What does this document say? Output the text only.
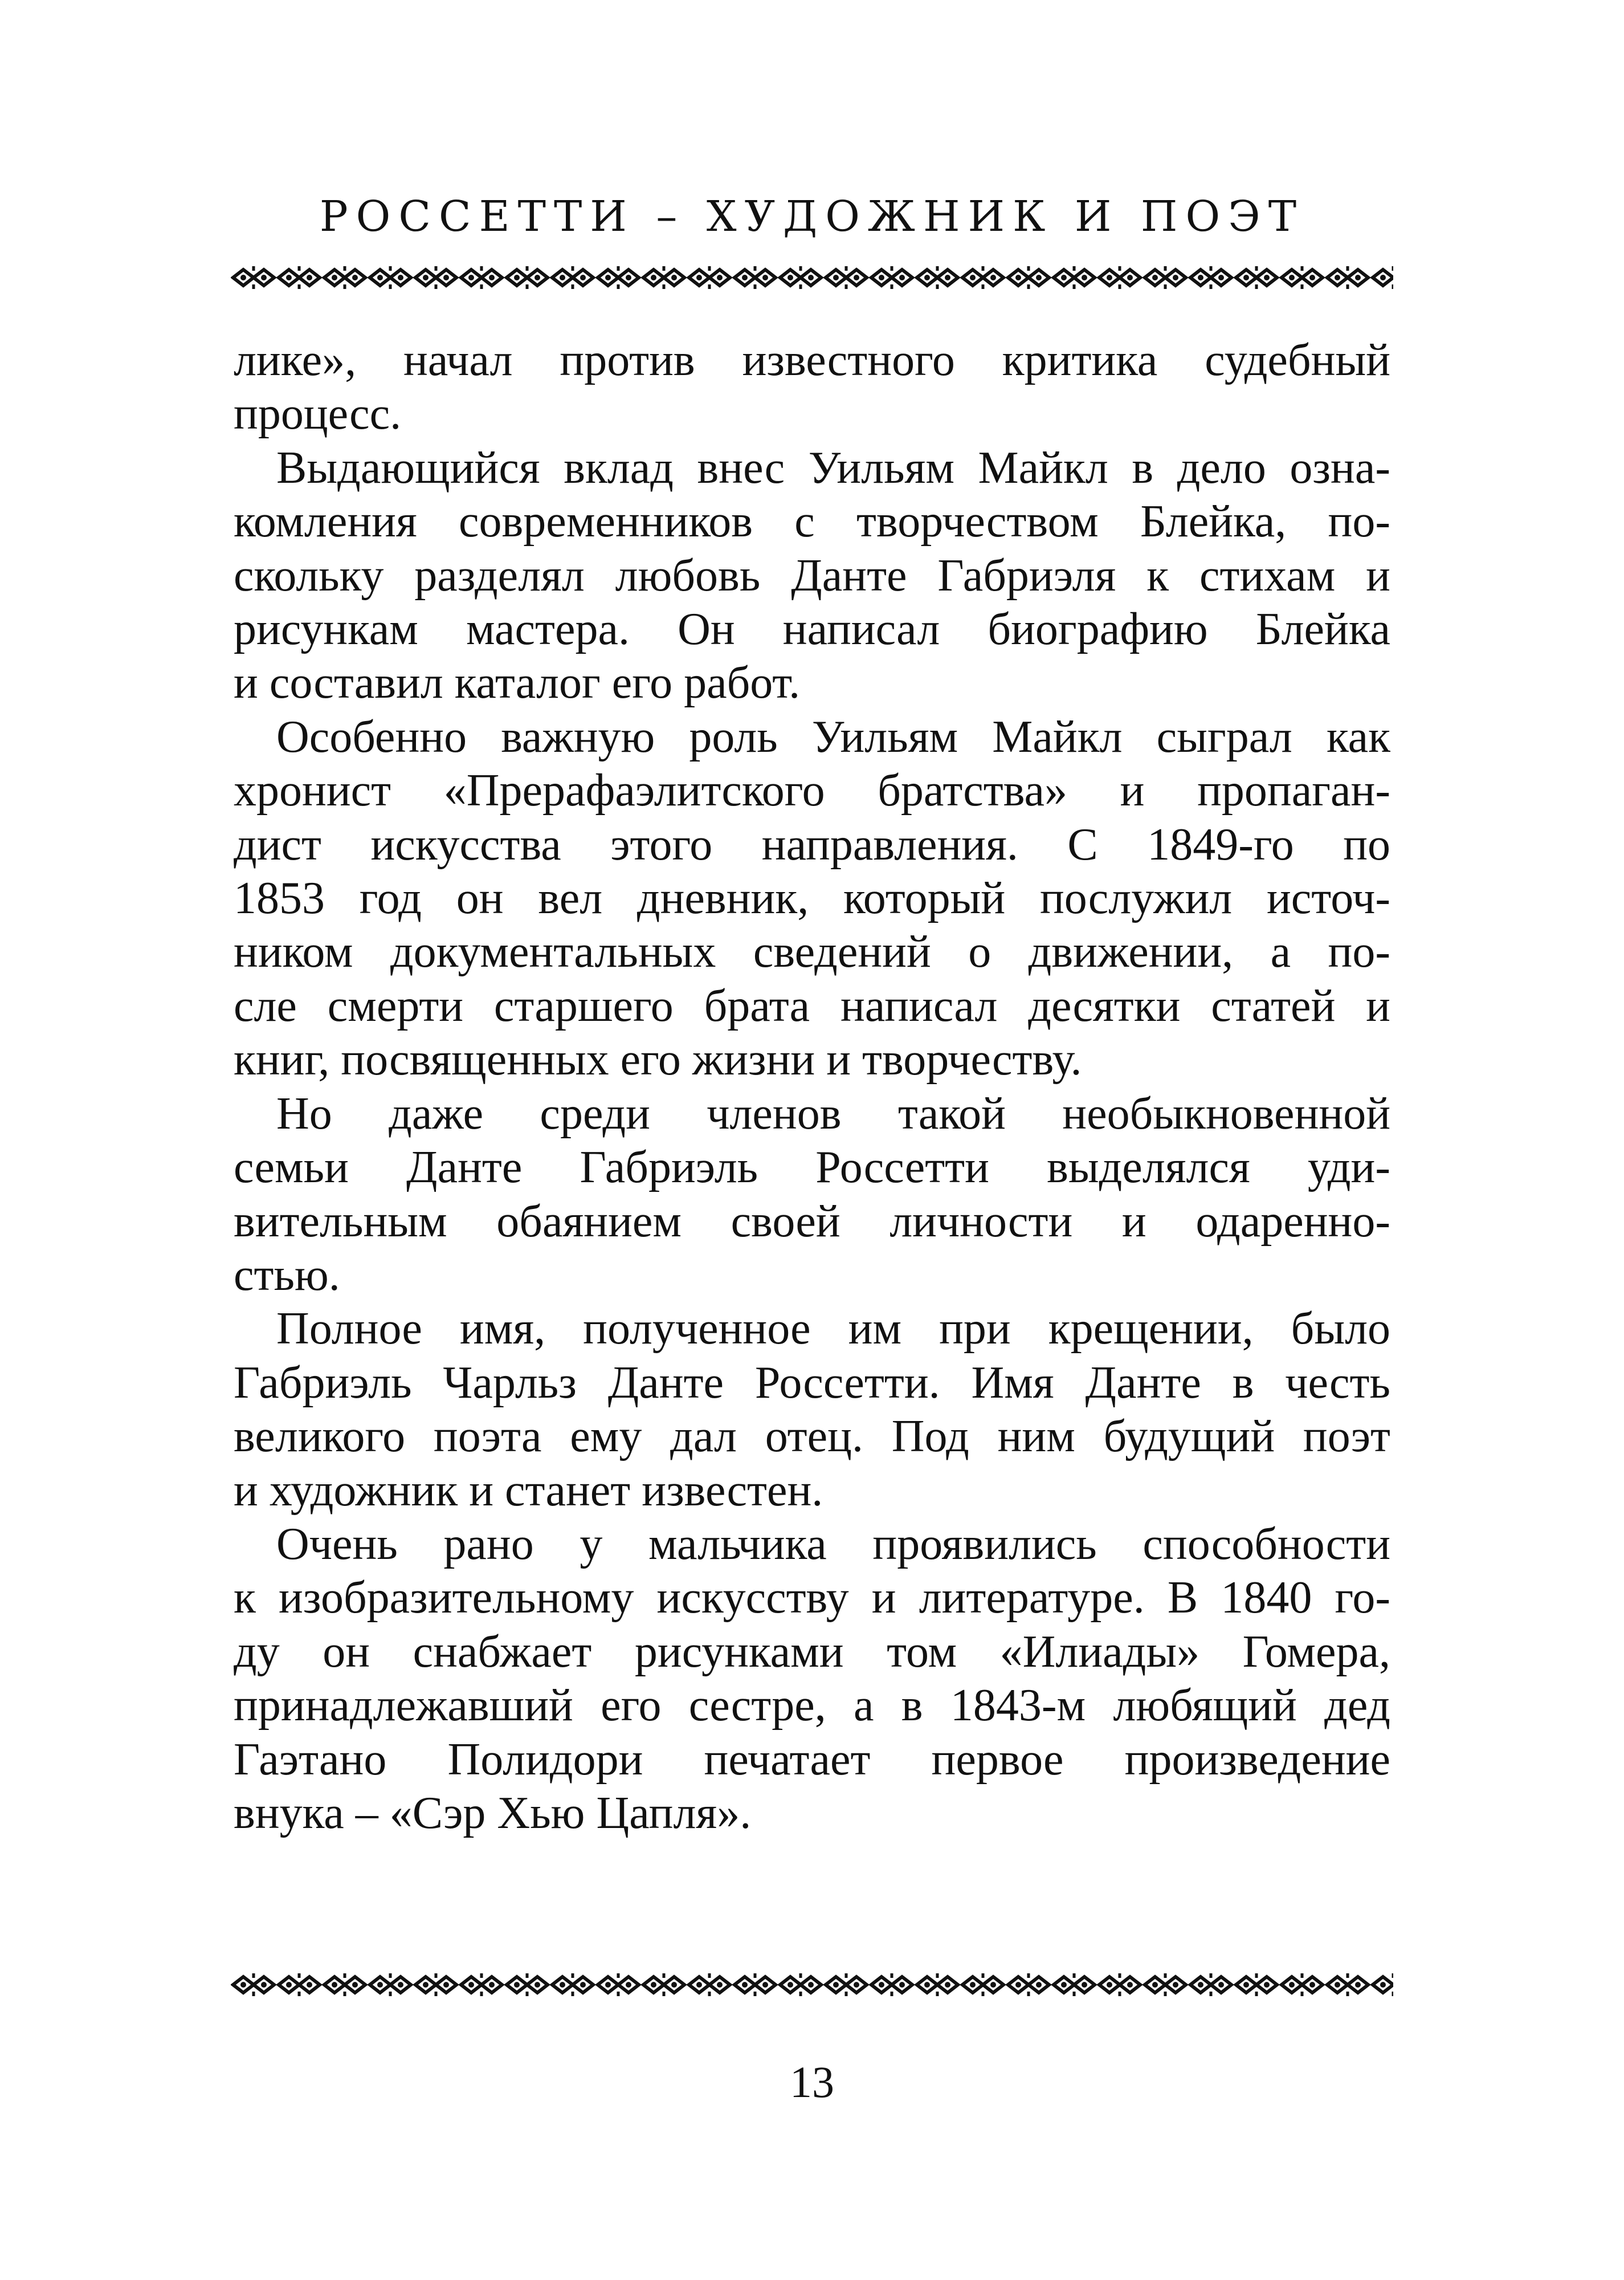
РОССЕТТИ – ХУДОЖНИК И ПОЭТ

лике», начал против известного критика судебный
процесс.

Выдающийся вклад внес Уильям Майкл в дело озна-
комления современников с творчеством Блейка, по-
скольку разделял любовь Данте Габриэля к стихам и
рисункам мастера. Он написал биографию Блейка
и составил каталог его работ.

Особенно важную роль Уильям Майкл сыграл как
хронист «Прерафаэлитского братства» и пропаган-
дист искусства этого направления. С 1849-го по
1853 год он вел дневник, который послужил источ-
ником документальных сведений о движении, а по-
сле смерти старшего брата написал десятки статей и
книг, посвященных его жизни и творчеству.

Но даже среди членов такой необыкновенной
семьи Данте Габриэль Россетти выделялся уди-
вительным обаянием своей личности и одаренно-
стью.

Полное имя, полученное им при крещении, было
Габриэль Чарльз Данте Россетти. Имя Данте в честь
великого поэта ему дал отец. Под ним будущий поэт
и художник и станет известен.

Очень рано у мальчика проявились способности
к изобразительному искусству и литературе. В 1840 го-
ду он снабжает рисунками том «Илиады» Гомера,
принадлежавший его сестре, а в 1843-м любящий дед
Гаэтано Полидори печатает первое произведение
внука – «Сэр Хью Цапля».

13
